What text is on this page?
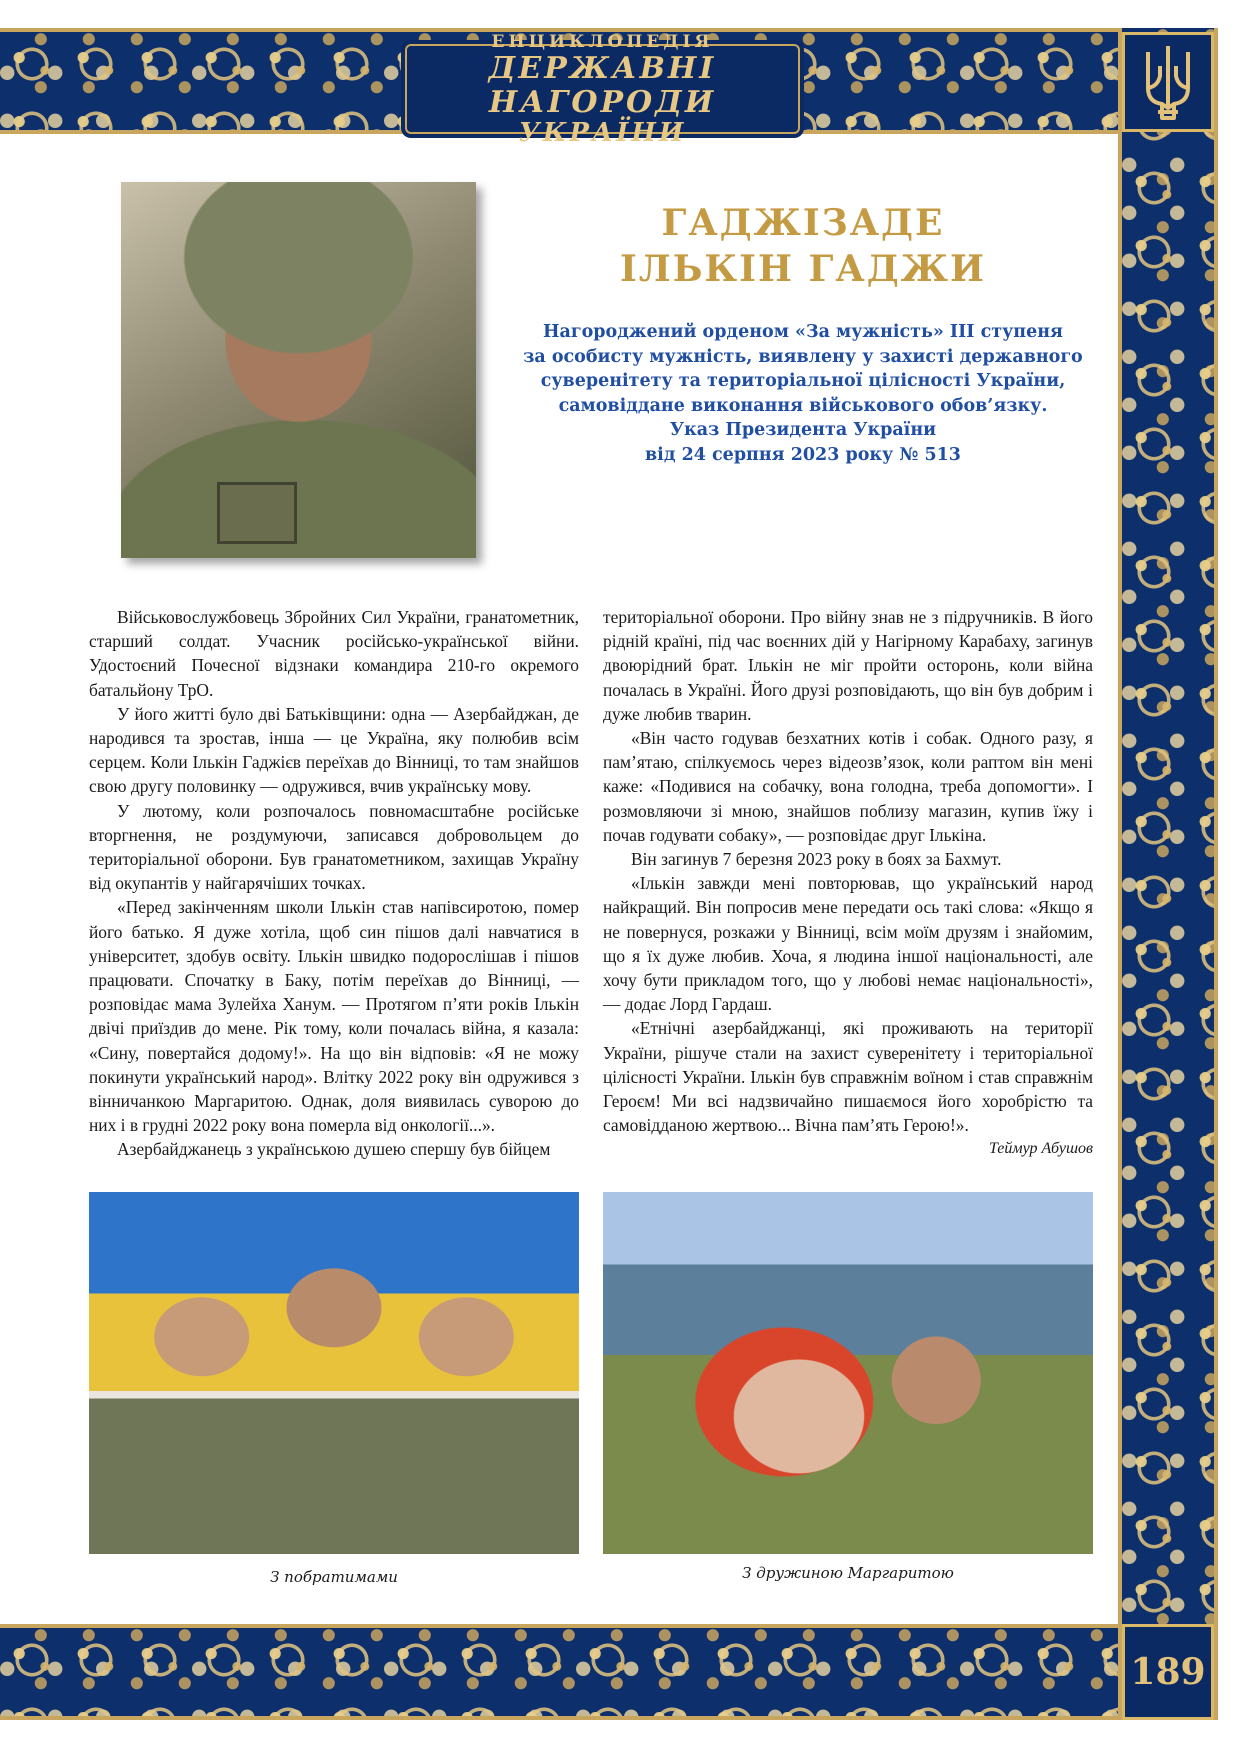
ЕНЦИКЛОПЕДІЯ
ДЕРЖАВНІ НАГОРОДИ
УКРАЇНИ
189
ГАДЖІЗАДЕ
ІЛЬКІН ГАДЖИ
Нагороджений орденом «За мужність» ІІІ ступеня
за особисту мужність, виявлену у захисті державного
суверенітету та територіальної цілісності України,
самовіддане виконання військового обов’язку.
Указ Президента України
від 24 серпня 2023 року № 513

Військовослужбовець Збройних Сил України, гранатометник, старший солдат. Учасник російсько-української війни. Удостоєний Почесної відзнаки командира 210-го окремого батальйону ТрО.

У його житті було дві Батьківщини: одна — Азербайджан, де народився та зростав, інша — це Україна, яку полюбив всім серцем. Коли Ількін Гаджієв переїхав до Вінниці, то там знайшов свою другу половинку — одружився, вчив українську мову.

У лютому, коли розпочалось повномасштабне російське вторгнення, не роздумуючи, записався добровольцем до територіальної оборони. Був гранатометником, захищав Україну від окупантів у найгарячіших точках.

«Перед закінченням школи Ількін став напівсиротою, помер його батько. Я дуже хотіла, щоб син пішов далі навчатися в університет, здобув освіту. Ількін швидко подорослішав і пішов працювати. Спочатку в Баку, потім переїхав до Вінниці, — розповідає мама Зулейха Ханум. — Протягом п’яти років Ількін двічі приїздив до мене. Рік тому, коли почалась війна, я казала: «Сину, повертайся додому!». На що він відповів: «Я не можу покинути український народ». Влітку 2022 року він одружився з вінничанкою Маргаритою. Однак, доля виявилась суворою до них і в грудні 2022 року вона померла від онкології...».

Азербайджанець з українською душею спершу був бійцем

територіальної оборони. Про війну знав не з підручників. В його рідній країні, під час воєнних дій у Нагірному Карабаху, загинув двоюрідний брат. Ількін не міг пройти осторонь, коли війна почалась в Україні. Його друзі розповідають, що він був добрим і дуже любив тварин.

«Він часто годував безхатних котів і собак. Одного разу, я пам’ятаю, спілкуємось через відеозв’язок, коли раптом він мені каже: «Подивися на собачку, вона голодна, треба допомогти». І розмовляючи зі мною, знайшов поблизу магазин, купив їжу і почав годувати собаку», — розповідає друг Ількіна.

Він загинув 7 березня 2023 року в боях за Бахмут.

«Ількін завжди мені повторював, що український народ найкращий. Він попросив мене передати ось такі слова: «Якщо я не повернуся, розкажи у Вінниці, всім моїм друзям і знайомим, що я їх дуже любив. Хоча, я людина іншої національності, але хочу бути прикладом того, що у любові немає національності», — додає Лорд Гардаш.

«Етнічні азербайджанці, які проживають на території України, рішуче стали на захист суверенітету і територіальної цілісності України. Ількін був справжнім воїном і став справжнім Героєм! Ми всі надзвичайно пишаємося його хоробрістю та самовідданою жертвою... Вічна пам’ять Герою!».

Теймур Абушов

З побратимами	З дружиною Маргаритою
